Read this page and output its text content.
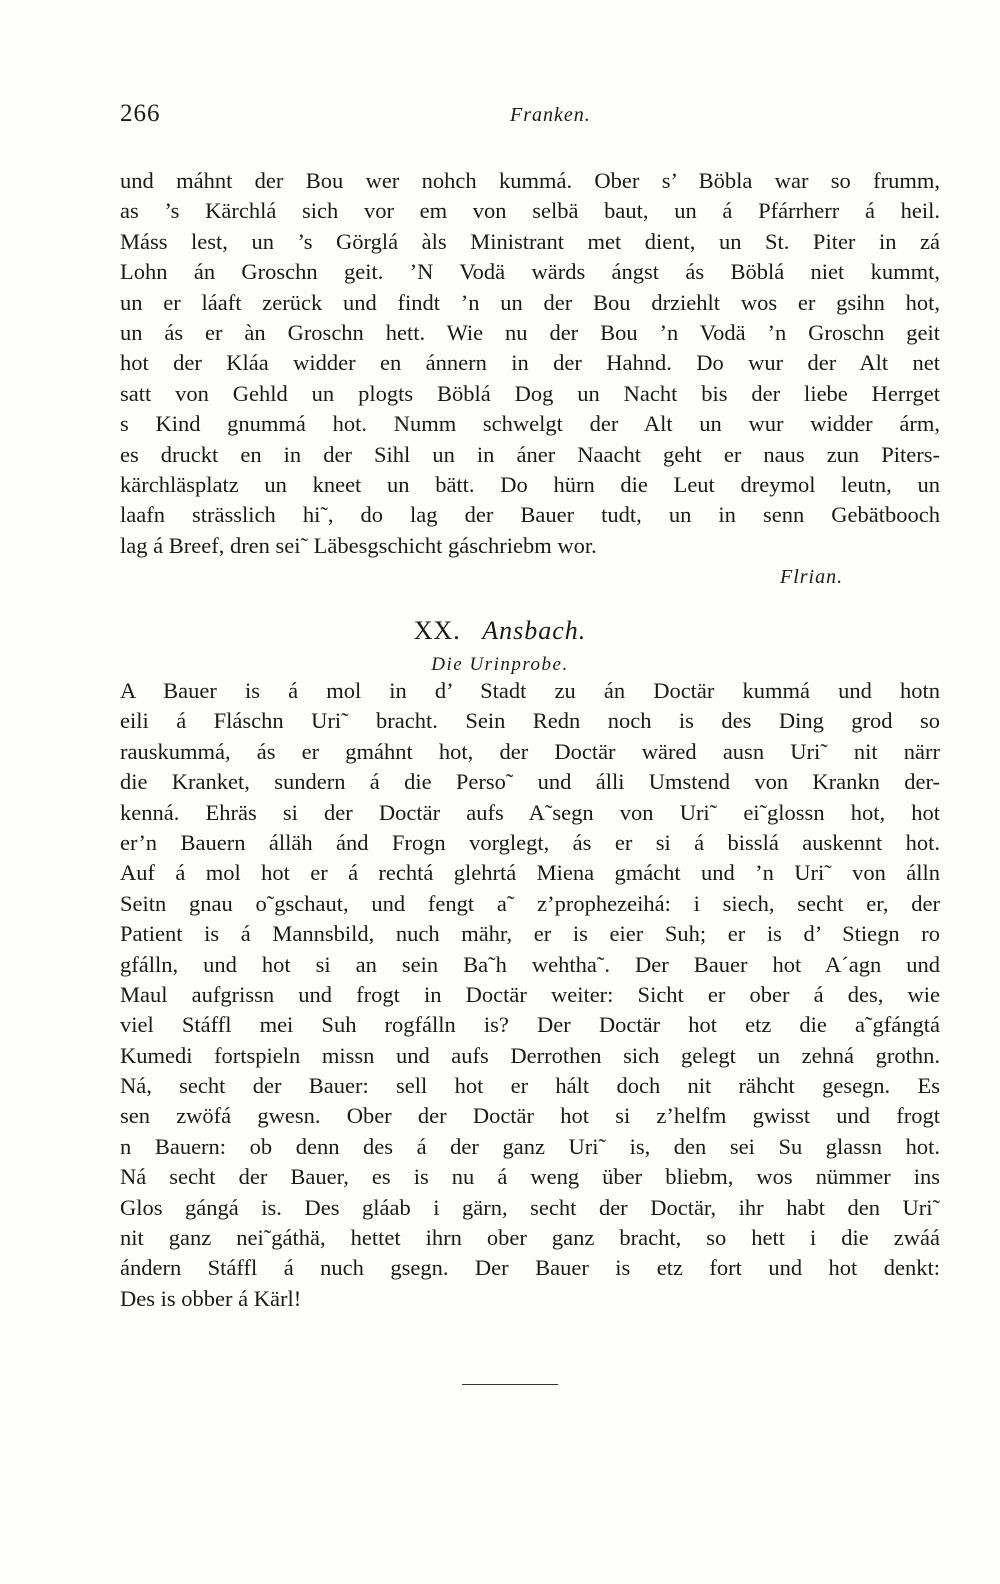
266	Franken.
und máhnt der Bou wer nohch kummá. Ober s’ Böbla war so frumm,
as ’s Kärchlá sich vor em von selbä baut, un á Pfárrherr á heil.
Máss lest, un ’s Görglá àls Ministrant met dient, un St. Piter in zá
Lohn án Groschn geit. ’N Vodä wärds ángst ás Böblá niet kummt,
un er láaft zerück und findt ’n un der Bou drziehlt wos er gsihn hot,
un ás er àn Groschn hett. Wie nu der Bou ’n Vodä ’n Groschn geit
hot der Kláa widder en ánnern in der Hahnd. Do wur der Alt net
satt von Gehld un plogts Böblá Dog un Nacht bis der liebe Herrget
s Kind gnummá hot. Numm schwelgt der Alt un wur widder árm,
es druckt en in der Sihl un in áner Naacht geht er naus zun Piters-
kärchläsplatz un kneet un bätt. Do hürn die Leut dreymol leutn, un
laafn strässlich hi˜, do lag der Bauer tudt, un in senn Gebätbooch
lag á Breef, dren sei˜ Läbesgschicht gáschriebm wor.
Flrian.
XX. Ansbach.
Die Urinprobe.
A Bauer is á mol in d’ Stadt zu án Doctär kummá und hotn
eili á Fláschn Uri˜ bracht. Sein Redn noch is des Ding grod so
rauskummá, ás er gmáhnt hot, der Doctär wäred ausn Uri˜ nit närr
die Kranket, sundern á die Perso˜ und álli Umstend von Krankn der-
kenná. Ehräs si der Doctär aufs A˜segn von Uri˜ ei˜glossn hot, hot
er’n Bauern álläh ánd Frogn vorglegt, ás er si á bisslá auskennt hot.
Auf á mol hot er á rechtá glehrtá Miena gmácht und ’n Uri˜ von álln
Seitn gnau o˜gschaut, und fengt a˜ z’prophezeihá: i siech, secht er, der
Patient is á Mannsbild, nuch mähr, er is eier Suh; er is d’ Stiegn ro
gfálln, und hot si an sein Ba˜h wehtha˜. Der Bauer hot A´agn und
Maul aufgrissn und frogt in Doctär weiter: Sicht er ober á des, wie
viel Stáffl mei Suh rogfálln is? Der Doctär hot etz die a˜gfángtá
Kumedi fortspieln missn und aufs Derrothen sich gelegt un zehná grothn.
Ná, secht der Bauer: sell hot er hált doch nit rähcht gesegn. Es
sen zwöfá gwesn. Ober der Doctär hot si z’helfm gwisst und frogt
n Bauern: ob denn des á der ganz Uri˜ is, den sei Su glassn hot.
Ná secht der Bauer, es is nu á weng über bliebm, wos nümmer ins
Glos gángá is. Des gláab i gärn, secht der Doctär, ihr habt den Uri˜
nit ganz nei˜gáthä, hettet ihrn ober ganz bracht, so hett i die zwáá
ándern Stáffl á nuch gsegn. Der Bauer is etz fort und hot denkt:
Des is obber á Kärl!
